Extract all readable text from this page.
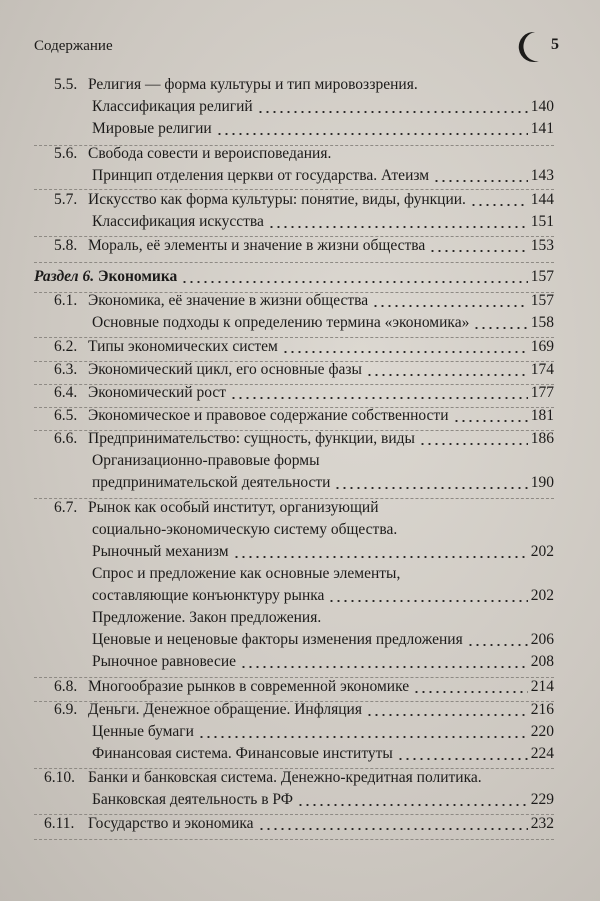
Содержание	5
5.5. Религия — форма культуры и тип мировоззрения.
Классификация религий	140
Мировые религии	141
5.6. Свобода совести и вероисповедания.
Принцип отделения церкви от государства. Атеизм	143
5.7. Искусство как форма культуры: понятие, виды, функции.	144
Классификация искусства	151
5.8. Мораль, её элементы и значение в жизни общества	153
Раздел 6. Экономика	157
6.1. Экономика, её значение в жизни общества	157
Основные подходы к определению термина «экономика»	158
6.2. Типы экономических систем	169
6.3. Экономический цикл, его основные фазы	174
6.4. Экономический рост	177
6.5. Экономическое и правовое содержание собственности	181
6.6. Предпринимательство: сущность, функции, виды	186
Организационно-правовые формы
предпринимательской деятельности	190
6.7. Рынок как особый институт, организующий
социально-экономическую систему общества.
Рыночный механизм	202
Спрос и предложение как основные элементы,
составляющие конъюнктуру рынка	202
Предложение. Закон предложения.
Ценовые и неценовые факторы изменения предложения	206
Рыночное равновесие	208
6.8. Многообразие рынков в современной экономике	214
6.9. Деньги. Денежное обращение. Инфляция	216
Ценные бумаги	220
Финансовая система. Финансовые институты	224
6.10. Банки и банковская система. Денежно-кредитная политика.
Банковская деятельность в РФ	229
6.11. Государство и экономика	232
